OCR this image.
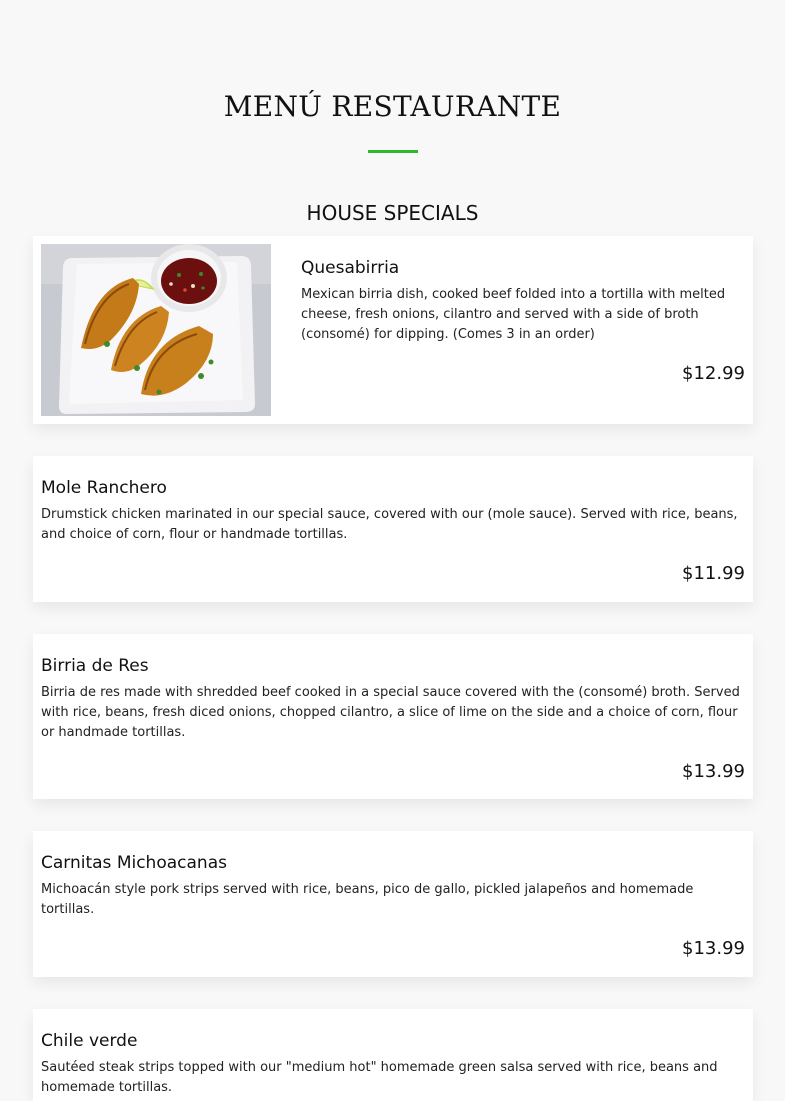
MENÚ RESTAURANTE
HOUSE SPECIALS
Quesabirria
Mexican birria dish, cooked beef folded into a tortilla with melted cheese, fresh onions, cilantro and served with a side of broth (consomé) for dipping. (Comes 3 in an order)
$12.99
Mole Ranchero
Drumstick chicken marinated in our special sauce, covered with our (mole sauce). Served with rice, beans, and choice of corn, flour or handmade tortillas.
$11.99
Birria de Res
Birria de res made with shredded beef cooked in a special sauce covered with the (consomé) broth. Served with rice, beans, fresh diced onions, chopped cilantro, a slice of lime on the side and a choice of corn, flour or handmade tortillas.
$13.99
Carnitas Michoacanas
Michoacán style pork strips served with rice, beans, pico de gallo, pickled jalapeños and homemade tortillas.
$13.99
Chile verde
Sautéed steak strips topped with our "medium hot" homemade green salsa served with rice, beans and homemade tortillas.
